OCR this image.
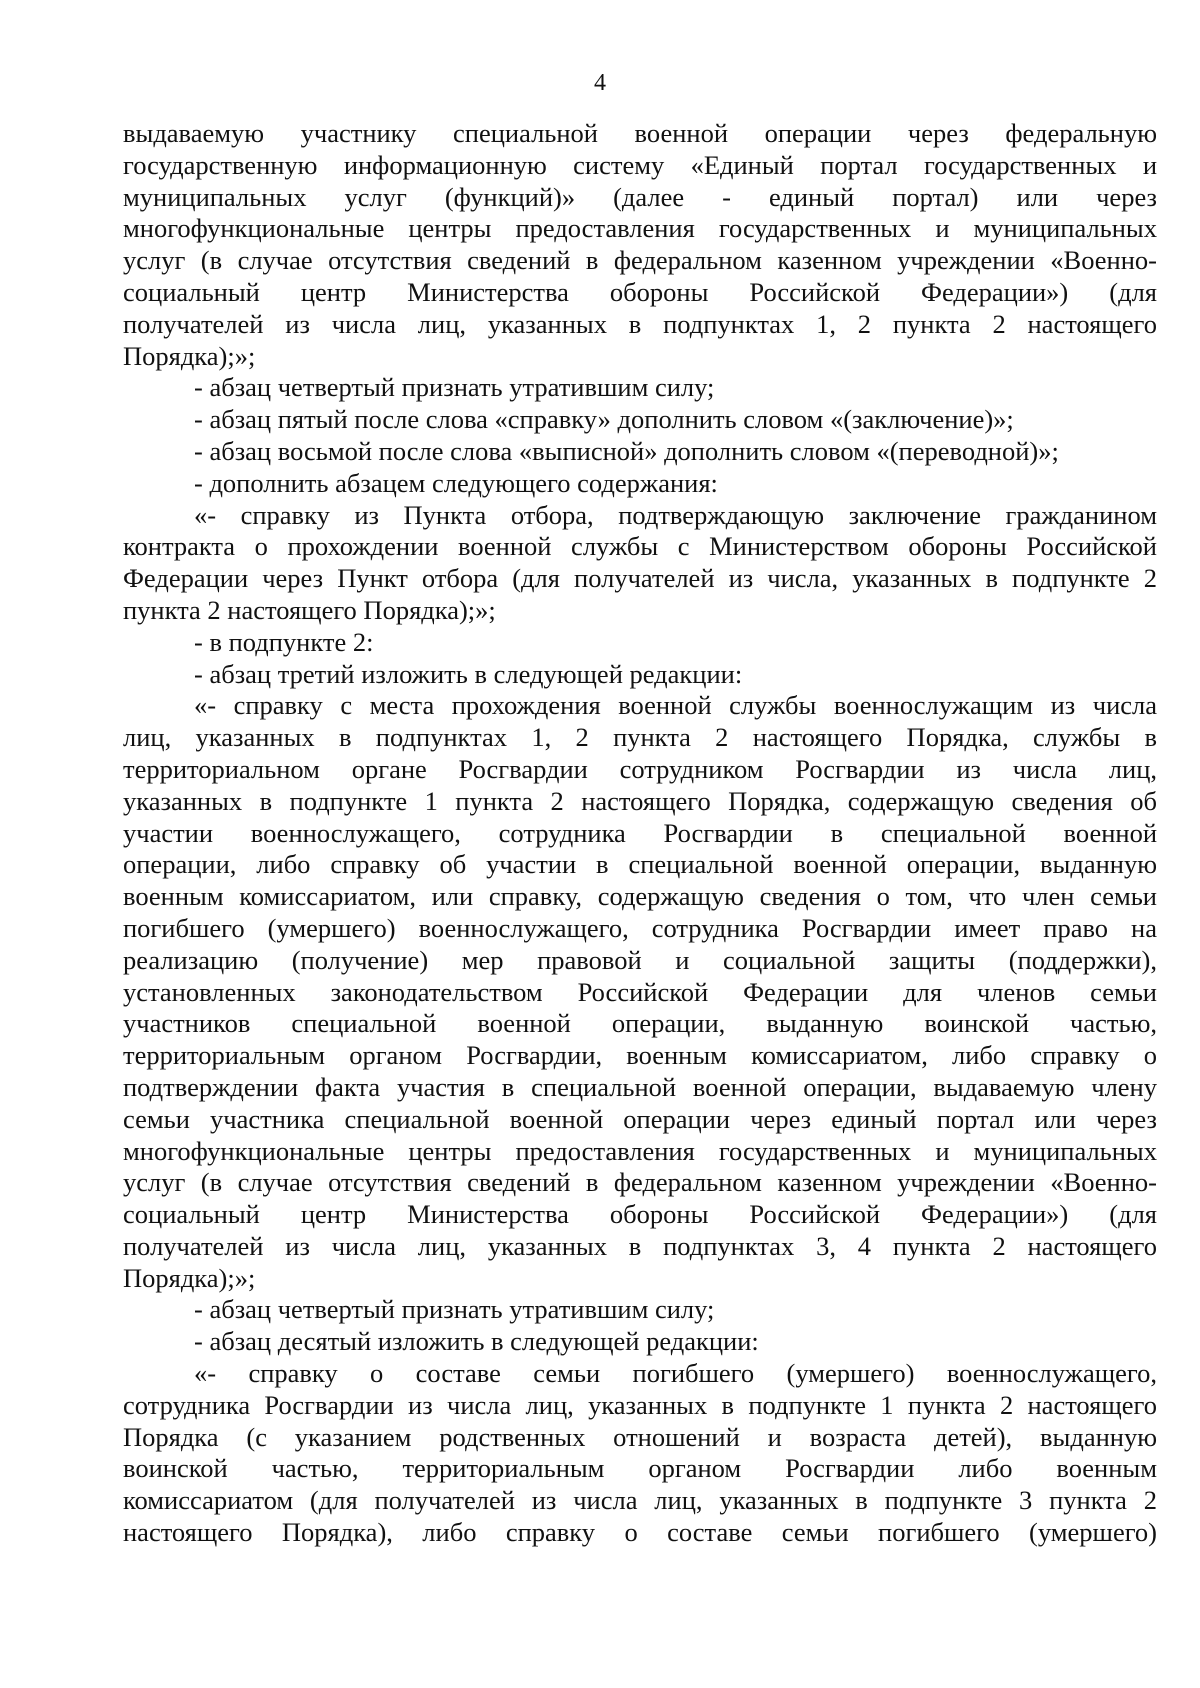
4
выдаваемую участнику специальной военной операции через федеральную
государственную информационную систему «Единый портал государственных и
муниципальных услуг (функций)» (далее - единый портал) или через
многофункциональные центры предоставления государственных и муниципальных
услуг (в случае отсутствия сведений в федеральном казенном учреждении «Военно-
социальный центр Министерства обороны Российской Федерации») (для
получателей из числа лиц, указанных в подпунктах 1, 2 пункта 2 настоящего
Порядка);»;
- абзац четвертый признать утратившим силу;
- абзац пятый после слова «справку» дополнить словом «(заключение)»;
- абзац восьмой после слова «выписной» дополнить словом «(переводной)»;
- дополнить абзацем следующего содержания:
«- справку из Пункта отбора, подтверждающую заключение гражданином
контракта о прохождении военной службы с Министерством обороны Российской
Федерации через Пункт отбора (для получателей из числа, указанных в подпункте 2
пункта 2 настоящего Порядка);»;
- в подпункте 2:
- абзац третий изложить в следующей редакции:
«- справку с места прохождения военной службы военнослужащим из числа
лиц, указанных в подпунктах 1, 2 пункта 2 настоящего Порядка, службы в
территориальном органе Росгвардии сотрудником Росгвардии из числа лиц,
указанных в подпункте 1 пункта 2 настоящего Порядка, содержащую сведения об
участии военнослужащего, сотрудника Росгвардии в специальной военной
операции, либо справку об участии в специальной военной операции, выданную
военным комиссариатом, или справку, содержащую сведения о том, что член семьи
погибшего (умершего) военнослужащего, сотрудника Росгвардии имеет право на
реализацию (получение) мер правовой и социальной защиты (поддержки),
установленных законодательством Российской Федерации для членов семьи
участников специальной военной операции, выданную воинской частью,
территориальным органом Росгвардии, военным комиссариатом, либо справку о
подтверждении факта участия в специальной военной операции, выдаваемую члену
семьи участника специальной военной операции через единый портал или через
многофункциональные центры предоставления государственных и муниципальных
услуг (в случае отсутствия сведений в федеральном казенном учреждении «Военно-
социальный центр Министерства обороны Российской Федерации») (для
получателей из числа лиц, указанных в подпунктах 3, 4 пункта 2 настоящего
Порядка);»;
- абзац четвертый признать утратившим силу;
- абзац десятый изложить в следующей редакции:
«- справку о составе семьи погибшего (умершего) военнослужащего,
сотрудника Росгвардии из числа лиц, указанных в подпункте 1 пункта 2 настоящего
Порядка (с указанием родственных отношений и возраста детей), выданную
воинской частью, территориальным органом Росгвардии либо военным
комиссариатом (для получателей из числа лиц, указанных в подпункте 3 пункта 2
настоящего Порядка), либо справку о составе семьи погибшего (умершего)
